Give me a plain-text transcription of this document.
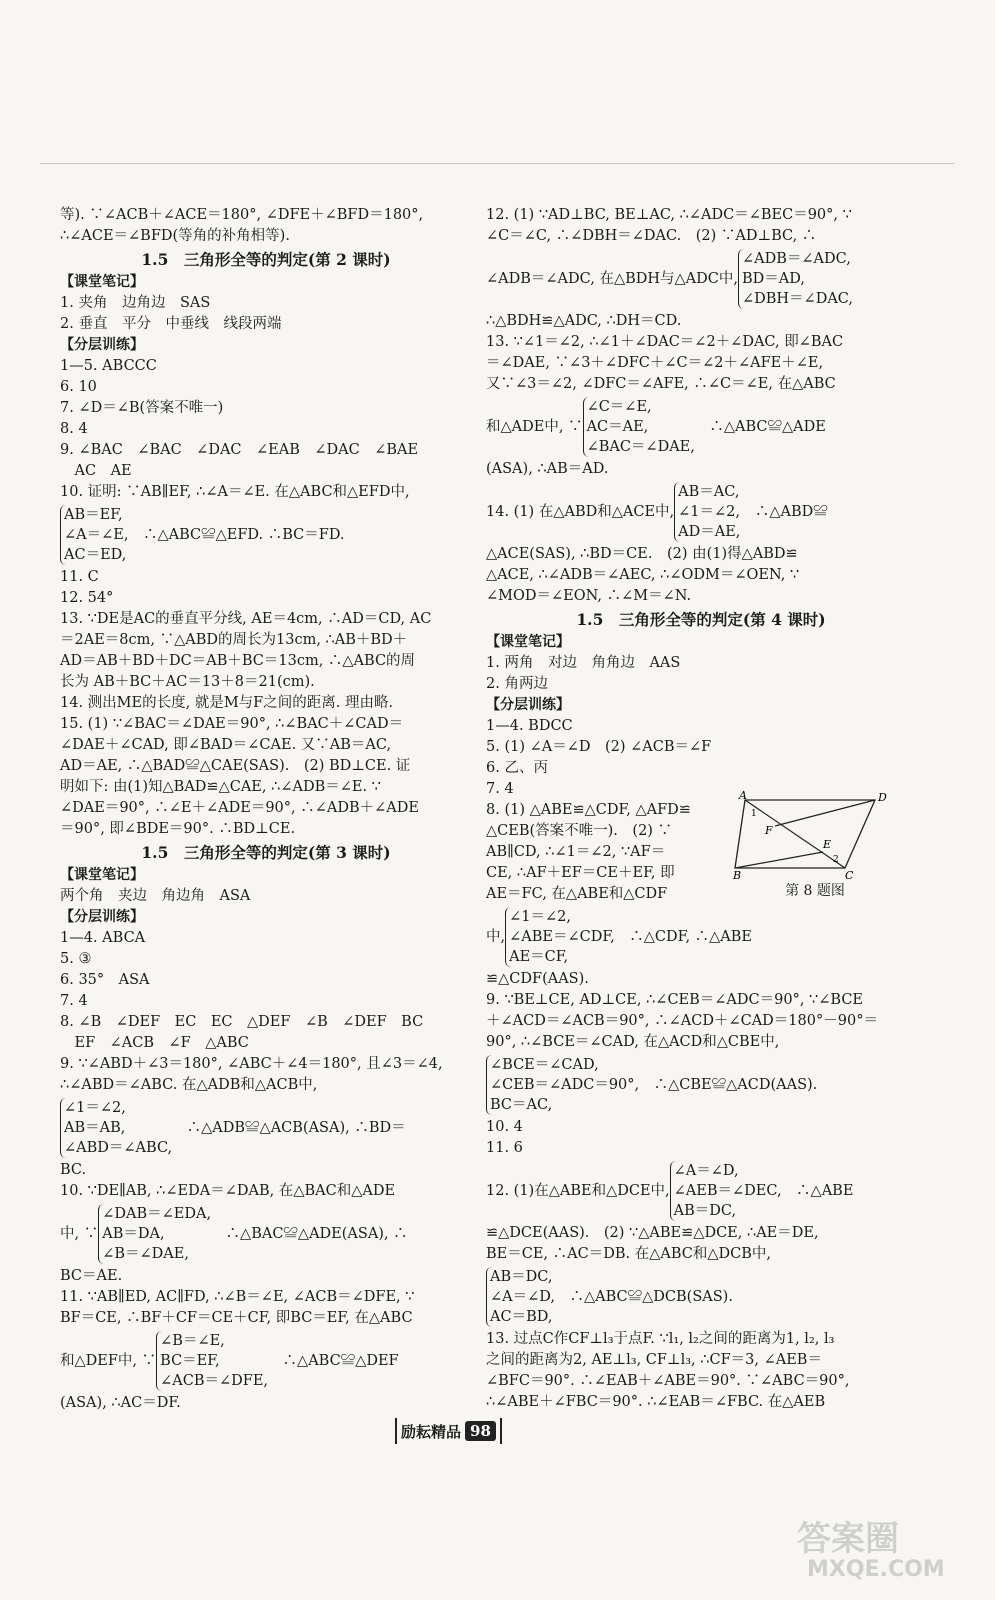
等). ∵∠ACB＋∠ACE＝180°, ∠DFE＋∠BFD＝180°,
∴∠ACE＝∠BFD(等角的补角相等).
1.5　三角形全等的判定(第 2 课时)
【课堂笔记】
1. 夹角　边角边　SAS
2. 垂直　平分　中垂线　线段两端
【分层训练】
1—5. ABCCC
6. 10
7. ∠D＝∠B(答案不唯一)
8. 4
9. ∠BAC　∠BAC　∠DAC　∠EAB　∠DAC　∠BAE
　AC　AE
10. 证明: ∵AB∥EF, ∴∠A＝∠E. 在△ABC和△EFD中,
AB＝EF,
∠A＝∠E,
AC＝ED,
　∴△ABC≌△EFD. ∴BC＝FD.
11. C
12. 54°
13. ∵DE是AC的垂直平分线, AE＝4cm, ∴AD＝CD, AC
＝2AE＝8cm, ∵△ABD的周长为13cm, ∴AB＋BD＋
AD＝AB＋BD＋DC＝AB＋BC＝13cm, ∴△ABC的周
长为 AB＋BC＋AC＝13＋8＝21(cm).
14. 测出ME的长度, 就是M与F之间的距离. 理由略.
15. (1) ∵∠BAC＝∠DAE＝90°, ∴∠BAC＋∠CAD＝
∠DAE＋∠CAD, 即∠BAD＝∠CAE. 又∵AB＝AC,
AD＝AE, ∴△BAD≌△CAE(SAS).　(2) BD⊥CE. 证
明如下: 由(1)知△BAD≌△CAE, ∴∠ADB＝∠E. ∵
∠DAE＝90°, ∴∠E＋∠ADE＝90°, ∴∠ADB＋∠ADE
＝90°, 即∠BDE＝90°. ∴BD⊥CE.
1.5　三角形全等的判定(第 3 课时)
【课堂笔记】
两个角　夹边　角边角　ASA
【分层训练】
1—4. ABCA
5. ③
6. 35°　ASA
7. 4
8. ∠B　∠DEF　EC　EC　△DEF　∠B　∠DEF　BC
　EF　∠ACB　∠F　△ABC
9. ∵∠ABD＋∠3＝180°, ∠ABC＋∠4＝180°, 且∠3＝∠4,
∴∠ABD＝∠ABC. 在△ADB和△ACB中,
∠1＝∠2,
AB＝AB,
∠ABD＝∠ABC,
　∴△ADB≌△ACB(ASA), ∴BD＝
BC.
10. ∵DE∥AB, ∴∠EDA＝∠DAB, 在△BAC和△ADE
中, ∵
∠DAB＝∠EDA,
AB＝DA,
∠B＝∠DAE,
　∴△BAC≌△ADE(ASA), ∴
BC＝AE.
11. ∵AB∥ED, AC∥FD, ∴∠B＝∠E, ∠ACB＝∠DFE, ∵
BF＝CE, ∴BF＋CF＝CE＋CF, 即BC＝EF, 在△ABC
和△DEF中, ∵
∠B＝∠E,
BC＝EF,
∠ACB＝∠DFE,
　∴△ABC≌△DEF
(ASA), ∴AC＝DF.
12. (1) ∵AD⊥BC, BE⊥AC, ∴∠ADC＝∠BEC＝90°, ∵
∠C＝∠C, ∴∠DBH＝∠DAC.　(2) ∵AD⊥BC, ∴
∠ADB＝∠ADC, 在△BDH与△ADC中,
∠ADB＝∠ADC,
BD＝AD,
∠DBH＝∠DAC,
∴△BDH≌△ADC, ∴DH＝CD.
13. ∵∠1＝∠2, ∴∠1＋∠DAC＝∠2＋∠DAC, 即∠BAC
＝∠DAE, ∵∠3＋∠DFC＋∠C＝∠2＋∠AFE＋∠E,
又∵∠3＝∠2, ∠DFC＝∠AFE, ∴∠C＝∠E, 在△ABC
和△ADE中, ∵
∠C＝∠E,
AC＝AE,
∠BAC＝∠DAE,
　∴△ABC≌△ADE
(ASA), ∴AB＝AD.
14. (1) 在△ABD和△ACE中,
AB＝AC,
∠1＝∠2,
AD＝AE,
　∴△ABD≌
△ACE(SAS), ∴BD＝CE.　(2) 由(1)得△ABD≌
△ACE, ∴∠ADB＝∠AEC, ∴∠ODM＝∠OEN, ∵
∠MOD＝∠EON, ∴∠M＝∠N.
1.5　三角形全等的判定(第 4 课时)
【课堂笔记】
1. 两角　对边　角角边　AAS
2. 角两边
【分层训练】
1—4. BDCC
5. (1) ∠A＝∠D　(2) ∠ACB＝∠F
6. 乙、丙
7. 4
8. (1) △ABE≌△CDF, △AFD≌
△CEB(答案不唯一).　(2) ∵
AB∥CD, ∴∠1＝∠2, ∵AF＝
CE, ∴AF＋EF＝CE＋EF, 即
AE＝FC, 在△ABE和△CDF
中,
∠1＝∠2,
∠ABE＝∠CDF,
AE＝CF,
　∴△CDF, ∴△ABE
≌△CDF(AAS).
9. ∵BE⊥CE, AD⊥CE, ∴∠CEB＝∠ADC＝90°, ∵∠BCE
＋∠ACD＝∠ACB＝90°, ∴∠ACD＋∠CAD＝180°－90°＝
90°, ∴∠BCE＝∠CAD, 在△ACD和△CBE中,
∠BCE＝∠CAD,
∠CEB＝∠ADC＝90°,
BC＝AC,
　∴△CBE≌△ACD(AAS).
10. 4
11. 6
12. (1)在△ABE和△DCE中,
∠A＝∠D,
∠AEB＝∠DEC,
AB＝DC,
　∴△ABE
≌△DCE(AAS).　(2) ∵△ABE≌△DCE, ∴AE＝DE,
BE＝CE, ∴AC＝DB. 在△ABC和△DCB中,
AB＝DC,
∠A＝∠D,
AC＝BD,
　∴△ABC≌△DCB(SAS).
13. 过点C作CF⊥l₃于点F. ∵l₁, l₂之间的距离为1, l₂, l₃
之间的距离为2, AE⊥l₃, CF⊥l₃, ∴CF＝3, ∠AEB＝
∠BFC＝90°. ∴∠EAB＋∠ABE＝90°. ∵∠ABC＝90°,
∴∠ABE＋∠FBC＝90°. ∴∠EAB＝∠FBC. 在△AEB
A	D
B	C
F
E
1
2
第 8 题图
励耘精品 98
答案圈
MXQE.COM
